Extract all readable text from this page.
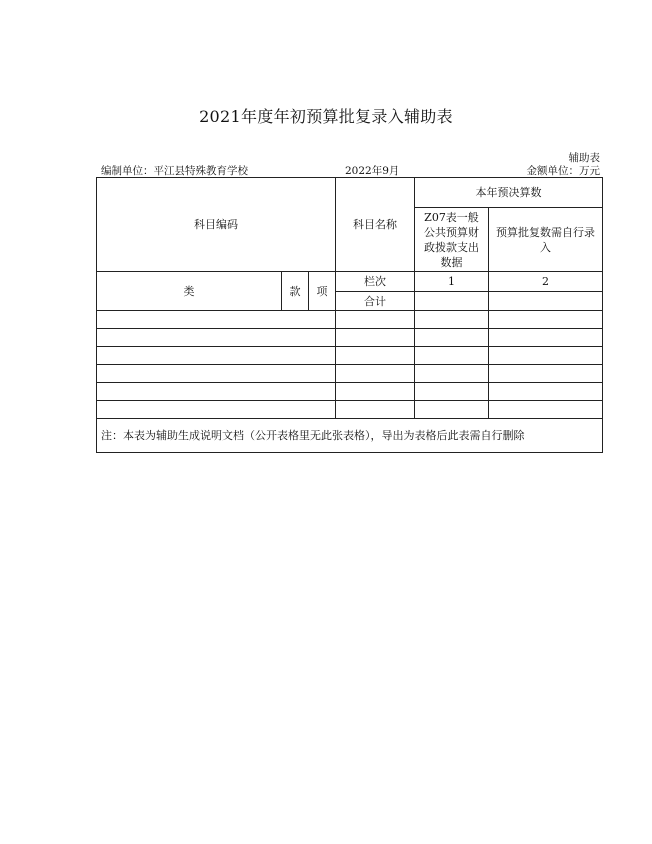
2021年度年初预算批复录入辅助表
辅助表
编制单位：平江县特殊教育学校	2022年9月	金额单位：万元
科目编码			科目名称	本年预决算数	
				Z07表一般公共预算财政拨款支出数据	预算批复数需自行录入
类	款	项	栏次	1	2
			合计		

注：本表为辅助生成说明文档（公开表格里无此张表格），导出为表格后此表需自行删除					
